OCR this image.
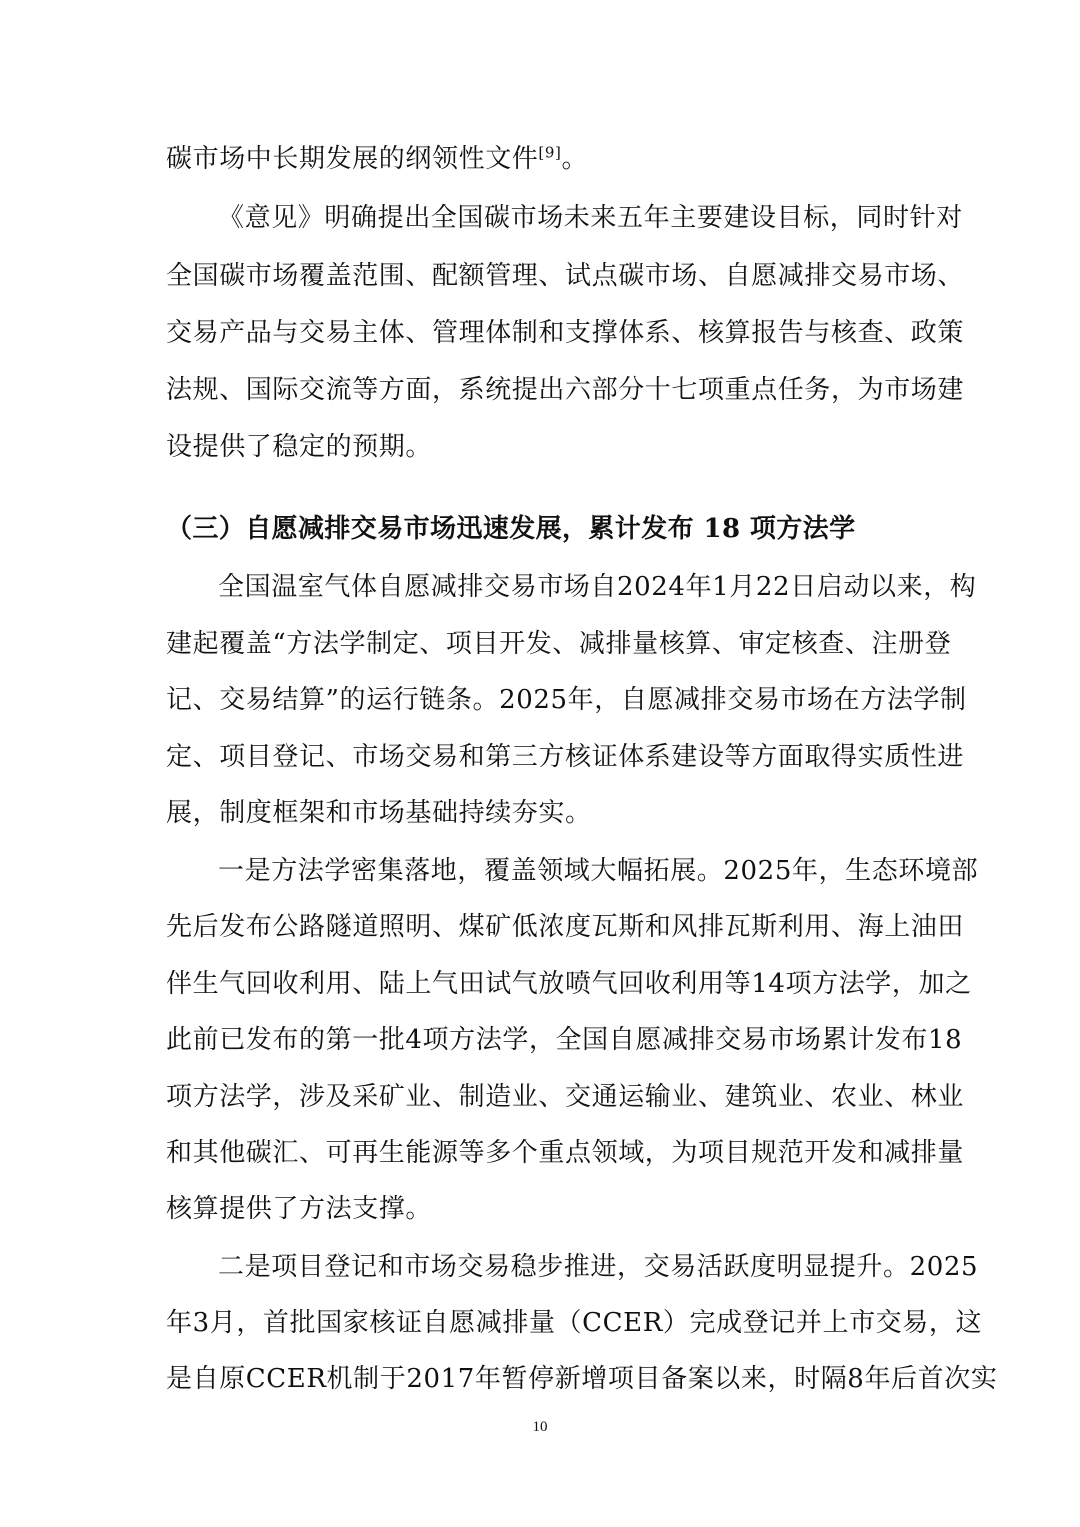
碳市场中长期发展的纲领性文件[9]。
《意见》明确提出全国碳市场未来五年主要建设目标，同时针对
全国碳市场覆盖范围、配额管理、试点碳市场、自愿减排交易市场、
交易产品与交易主体、管理体制和支撑体系、核算报告与核查、政策
法规、国际交流等方面，系统提出六部分十七项重点任务，为市场建
设提供了稳定的预期。
（三）自愿减排交易市场迅速发展，累计发布 18 项方法学
全国温室气体自愿减排交易市场自2024年1月22日启动以来，构
建起覆盖“方法学制定、项目开发、减排量核算、审定核查、注册登
记、交易结算”的运行链条。2025年，自愿减排交易市场在方法学制
定、项目登记、市场交易和第三方核证体系建设等方面取得实质性进
展，制度框架和市场基础持续夯实。
一是方法学密集落地，覆盖领域大幅拓展。2025年，生态环境部
先后发布公路隧道照明、煤矿低浓度瓦斯和风排瓦斯利用、海上油田
伴生气回收利用、陆上气田试气放喷气回收利用等14项方法学，加之
此前已发布的第一批4项方法学，全国自愿减排交易市场累计发布18
项方法学，涉及采矿业、制造业、交通运输业、建筑业、农业、林业
和其他碳汇、可再生能源等多个重点领域，为项目规范开发和减排量
核算提供了方法支撑。
二是项目登记和市场交易稳步推进，交易活跃度明显提升。2025
年3月，首批国家核证自愿减排量（CCER）完成登记并上市交易，这
是自原CCER机制于2017年暂停新增项目备案以来，时隔8年后首次实
10
